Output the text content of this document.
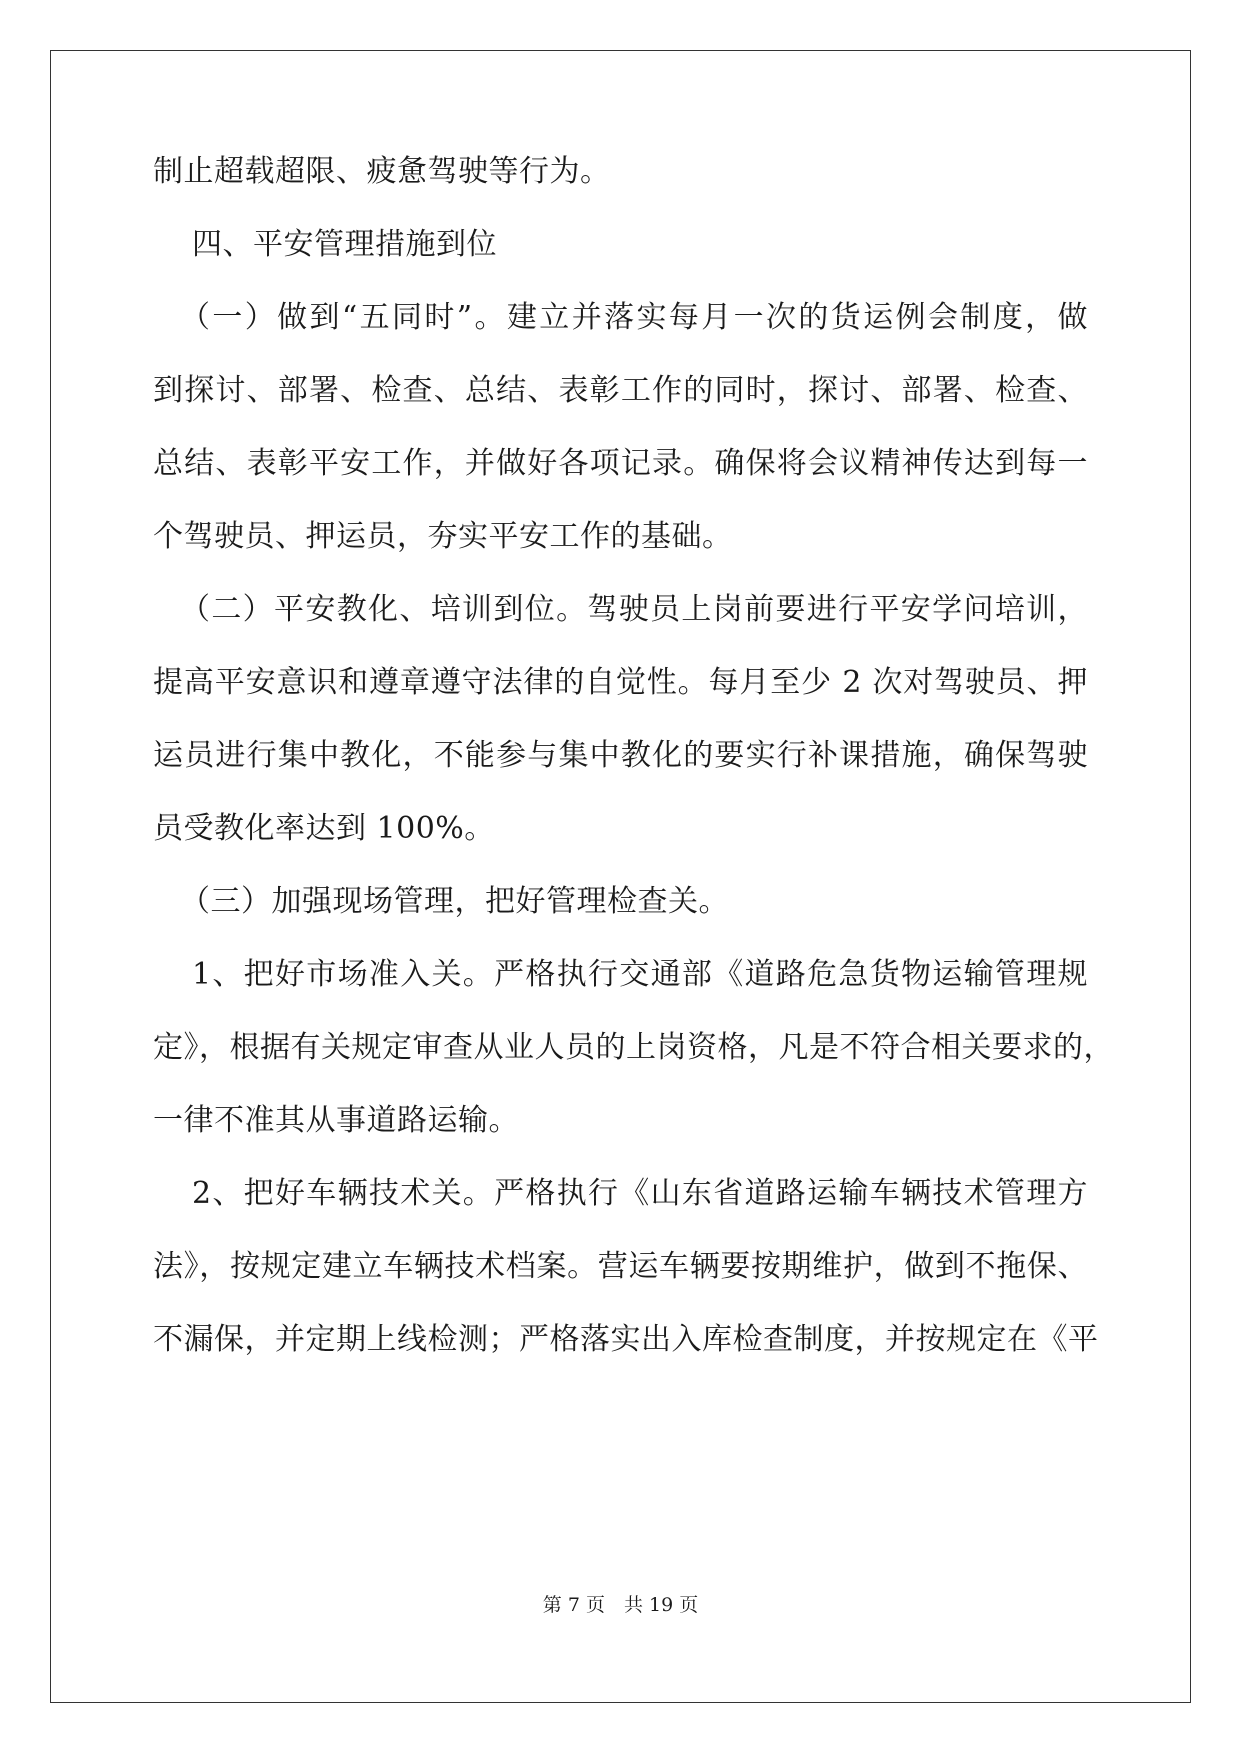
制止超载超限、疲惫驾驶等行为。
四、平安管理措施到位
（一）做到“五同时”。建立并落实每月一次的货运例会制度，做
到探讨、部署、检查、总结、表彰工作的同时，探讨、部署、检查、
总结、表彰平安工作，并做好各项记录。确保将会议精神传达到每一
个驾驶员、押运员，夯实平安工作的基础。
（二）平安教化、培训到位。驾驶员上岗前要进行平安学问培训，
提高平安意识和遵章遵守法律的自觉性。每月至少 2 次对驾驶员、押
运员进行集中教化，不能参与集中教化的要实行补课措施，确保驾驶
员受教化率达到 100%。
（三）加强现场管理，把好管理检查关。
1、把好市场准入关。严格执行交通部《道路危急货物运输管理规
定》，根据有关规定审查从业人员的上岗资格，凡是不符合相关要求的，
一律不准其从事道路运输。
2、把好车辆技术关。严格执行《山东省道路运输车辆技术管理方
法》，按规定建立车辆技术档案。营运车辆要按期维护，做到不拖保、
不漏保，并定期上线检测；严格落实出入库检查制度，并按规定在《平
第 7 页　共 19 页
